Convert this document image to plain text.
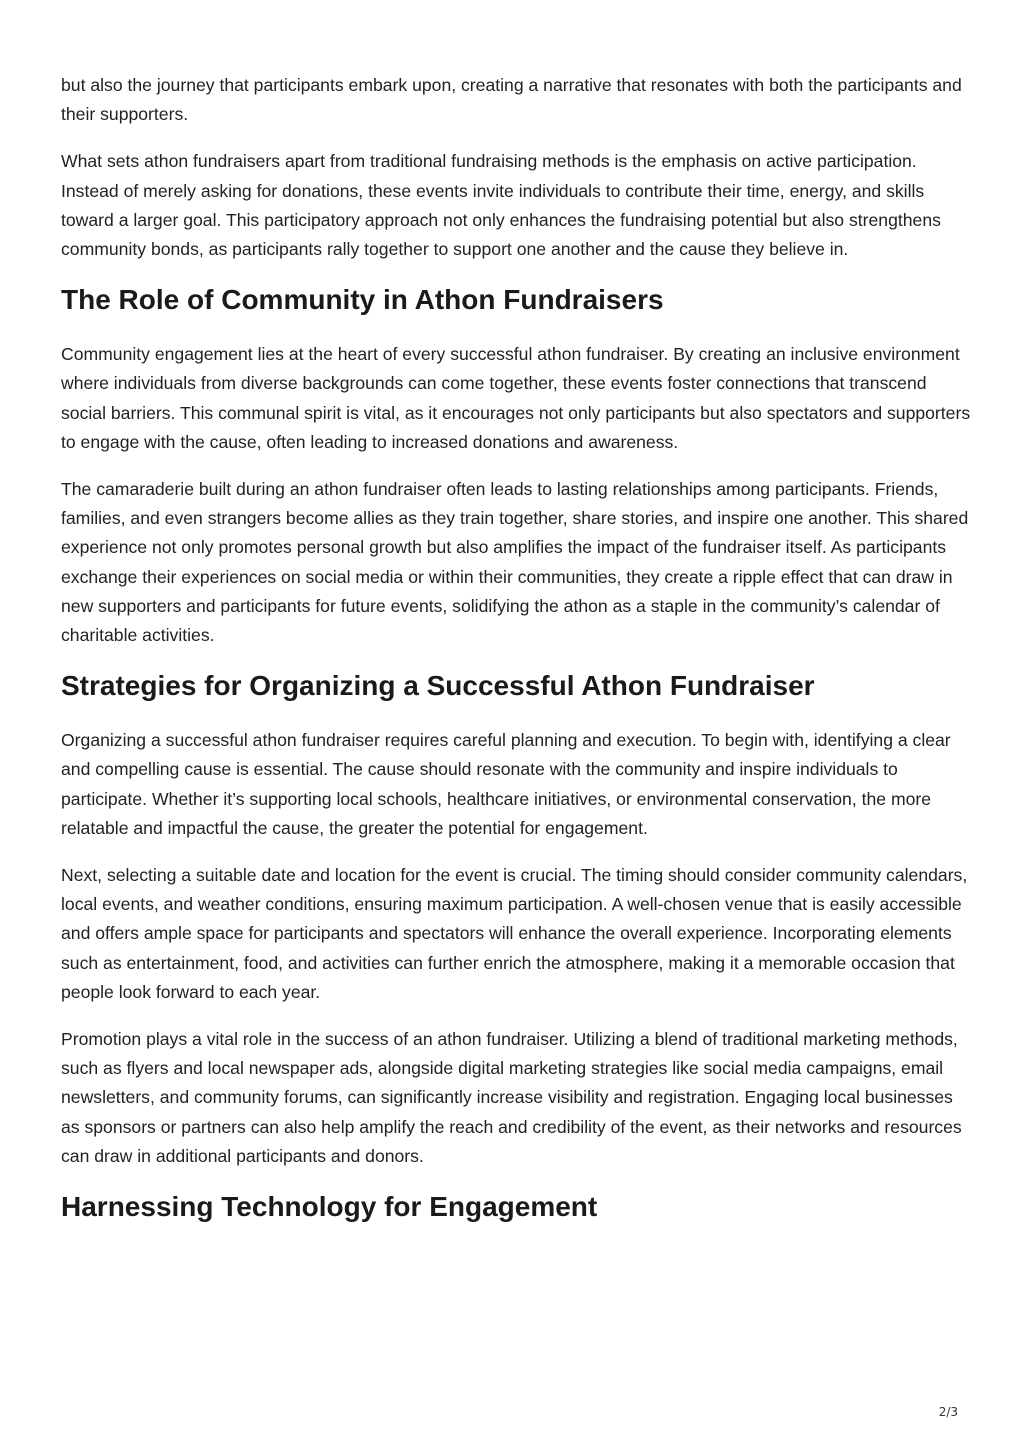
but also the journey that participants embark upon, creating a narrative that resonates with both the participants and their supporters.

What sets athon fundraisers apart from traditional fundraising methods is the emphasis on active participation. Instead of merely asking for donations, these events invite individuals to contribute their time, energy, and skills toward a larger goal. This participatory approach not only enhances the fundraising potential but also strengthens community bonds, as participants rally together to support one another and the cause they believe in.

The Role of Community in Athon Fundraisers

Community engagement lies at the heart of every successful athon fundraiser. By creating an inclusive environment where individuals from diverse backgrounds can come together, these events foster connections that transcend social barriers. This communal spirit is vital, as it encourages not only participants but also spectators and supporters to engage with the cause, often leading to increased donations and awareness.

The camaraderie built during an athon fundraiser often leads to lasting relationships among participants. Friends, families, and even strangers become allies as they train together, share stories, and inspire one another. This shared experience not only promotes personal growth but also amplifies the impact of the fundraiser itself. As participants exchange their experiences on social media or within their communities, they create a ripple effect that can draw in new supporters and participants for future events, solidifying the athon as a staple in the community’s calendar of charitable activities.

Strategies for Organizing a Successful Athon Fundraiser

Organizing a successful athon fundraiser requires careful planning and execution. To begin with, identifying a clear and compelling cause is essential. The cause should resonate with the community and inspire individuals to participate. Whether it’s supporting local schools, healthcare initiatives, or environmental conservation, the more relatable and impactful the cause, the greater the potential for engagement.

Next, selecting a suitable date and location for the event is crucial. The timing should consider community calendars, local events, and weather conditions, ensuring maximum participation. A well-chosen venue that is easily accessible and offers ample space for participants and spectators will enhance the overall experience. Incorporating elements such as entertainment, food, and activities can further enrich the atmosphere, making it a memorable occasion that people look forward to each year.

Promotion plays a vital role in the success of an athon fundraiser. Utilizing a blend of traditional marketing methods, such as flyers and local newspaper ads, alongside digital marketing strategies like social media campaigns, email newsletters, and community forums, can significantly increase visibility and registration. Engaging local businesses as sponsors or partners can also help amplify the reach and credibility of the event, as their networks and resources can draw in additional participants and donors.

Harnessing Technology for Engagement
2/3
